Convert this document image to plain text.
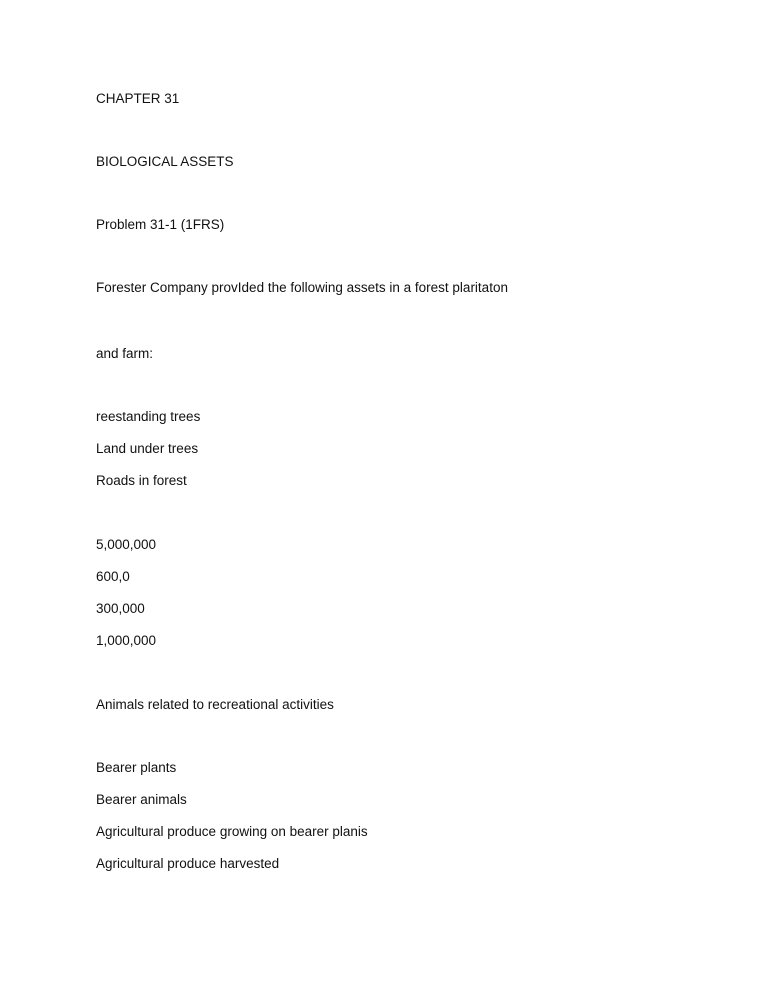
CHAPTER 31
BIOLOGICAL ASSETS
Problem 31-1 (1FRS)
Forester Company provIded the following assets in a forest plaritaton
and farm:
reestanding trees
Land under trees
Roads in forest
5,000,000
600,0
300,000
1,000,000
Animals related to recreational activities
Bearer plants
Bearer animals
Agricultural produce growing on bearer planis
Agricultural produce harvested
